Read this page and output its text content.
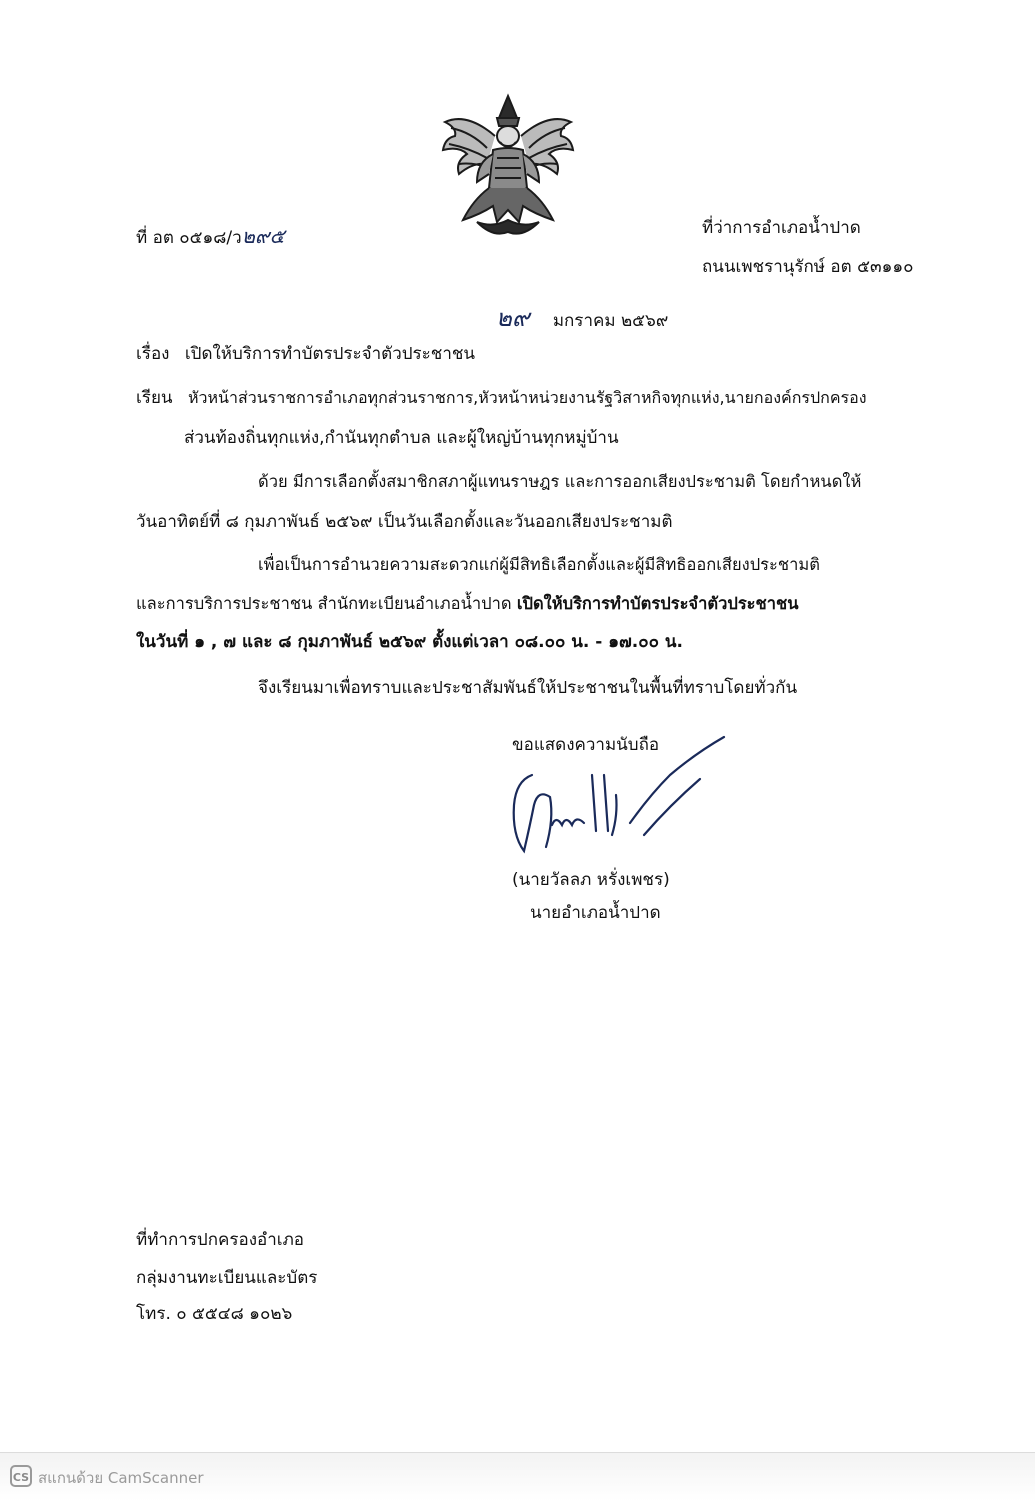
ที่ อต ๐๕๑๘/ว๒๙๕	ที่ว่าการอำเภอน้ำปาด
ถนนเพชรานุรักษ์ อต ๕๓๑๑๐
๒๙ มกราคม ๒๕๖๙
เรื่อง เปิดให้บริการทำบัตรประจำตัวประชาชน
เรียน หัวหน้าส่วนราชการอำเภอทุกส่วนราชการ,หัวหน้าหน่วยงานรัฐวิสาหกิจทุกแห่ง,นายกองค์กรปกครอง
ส่วนท้องถิ่นทุกแห่ง,กำนันทุกตำบล และผู้ใหญ่บ้านทุกหมู่บ้าน
ด้วย มีการเลือกตั้งสมาชิกสภาผู้แทนราษฎร และการออกเสียงประชามติ โดยกำหนดให้
วันอาทิตย์ที่ ๘ กุมภาพันธ์ ๒๕๖๙ เป็นวันเลือกตั้งและวันออกเสียงประชามติ
เพื่อเป็นการอำนวยความสะดวกแก่ผู้มีสิทธิเลือกตั้งและผู้มีสิทธิออกเสียงประชามติ
และการบริการประชาชน สำนักทะเบียนอำเภอน้ำปาด เปิดให้บริการทำบัตรประจำตัวประชาชน
ในวันที่ ๑ , ๗ และ ๘ กุมภาพันธ์ ๒๕๖๙ ตั้งแต่เวลา ๐๘.๐๐ น. - ๑๗.๐๐ น.
จึงเรียนมาเพื่อทราบและประชาสัมพันธ์ให้ประชาชนในพื้นที่ทราบโดยทั่วกัน
ขอแสดงความนับถือ
(นายวัลลภ หรั่งเพชร)
นายอำเภอน้ำปาด
ที่ทำการปกครองอำเภอ
กลุ่มงานทะเบียนและบัตร
โทร. ๐ ๕๕๔๘ ๑๐๒๖
CS สแกนด้วย CamScanner
